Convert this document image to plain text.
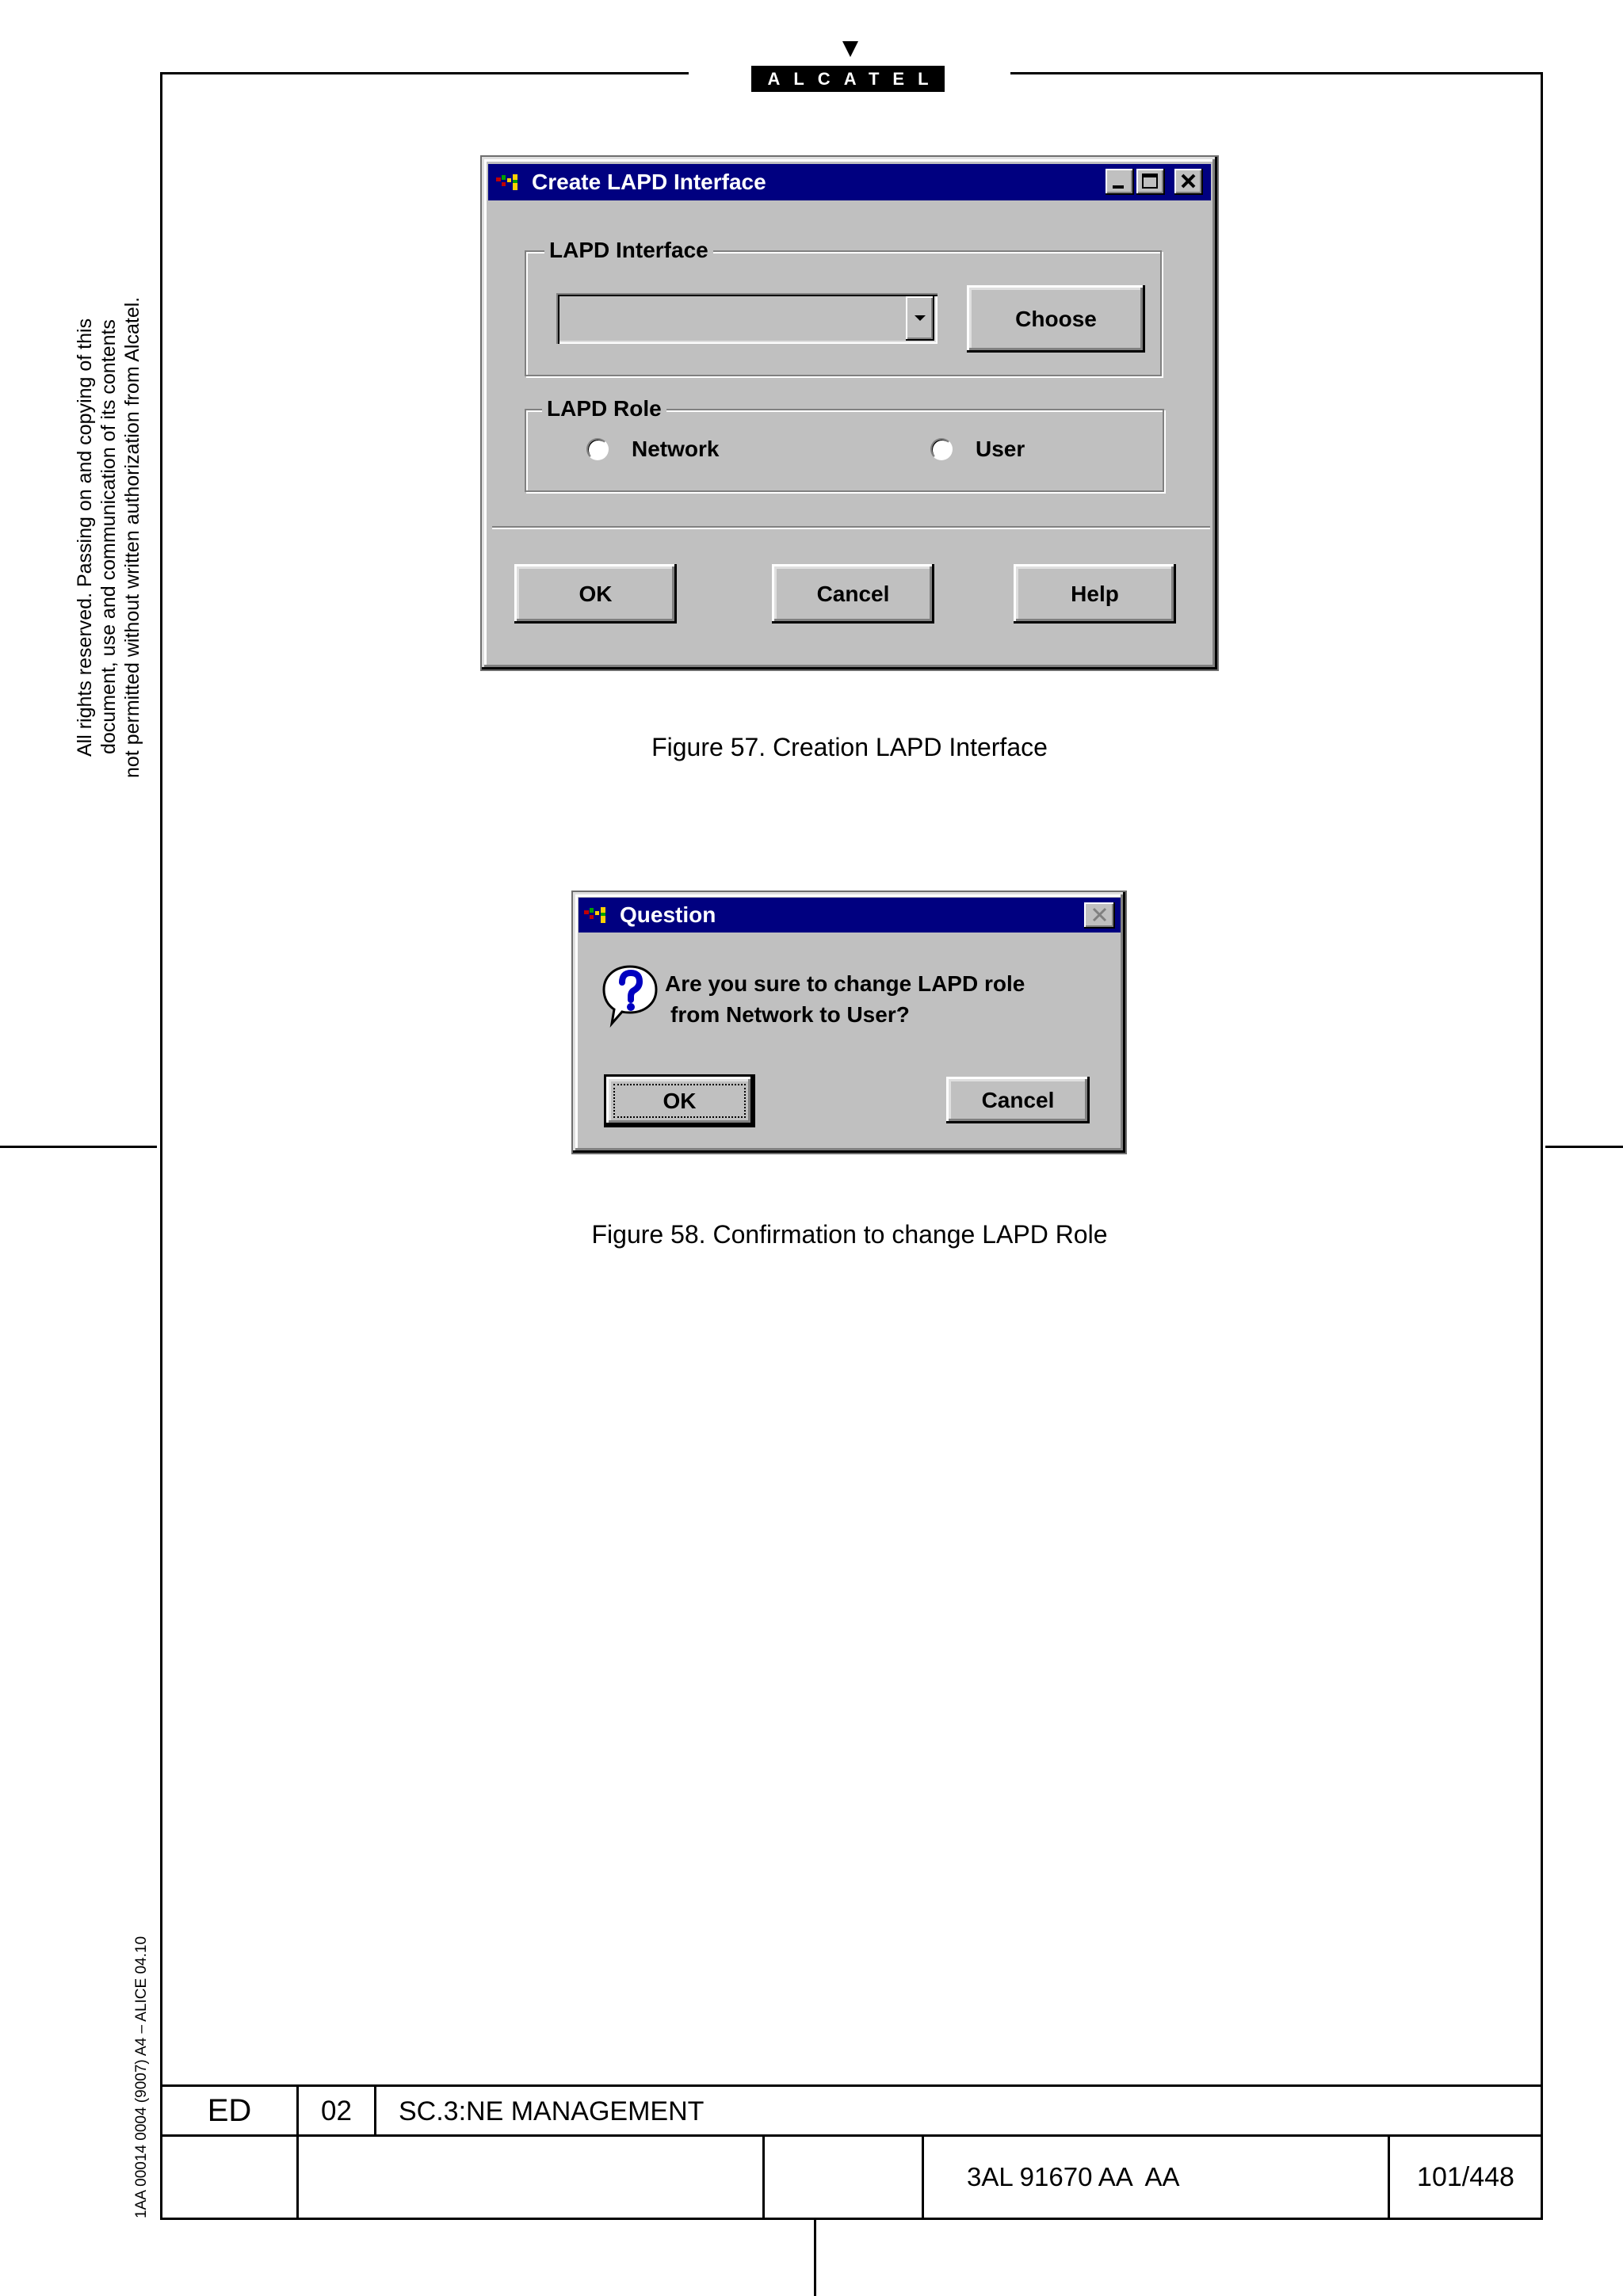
ALCATEL
All rights reserved. Passing on and copying of this document, use and communication of its contents not permitted without written authorization from Alcatel.
1AA 00014 0004 (9007) A4 – ALICE 04.10
Create LAPD Interface
LAPD Interface
Choose
LAPD Role
Network	User
OK	Cancel	Help
Figure 57. Creation LAPD Interface
Question
Are you sure to change LAPD role
from Network to User?
OK	Cancel
Figure 58. Confirmation to change LAPD Role
ED	02	SC.3:NE MANAGEMENT
3AL 91670 AA  AA	101/448
